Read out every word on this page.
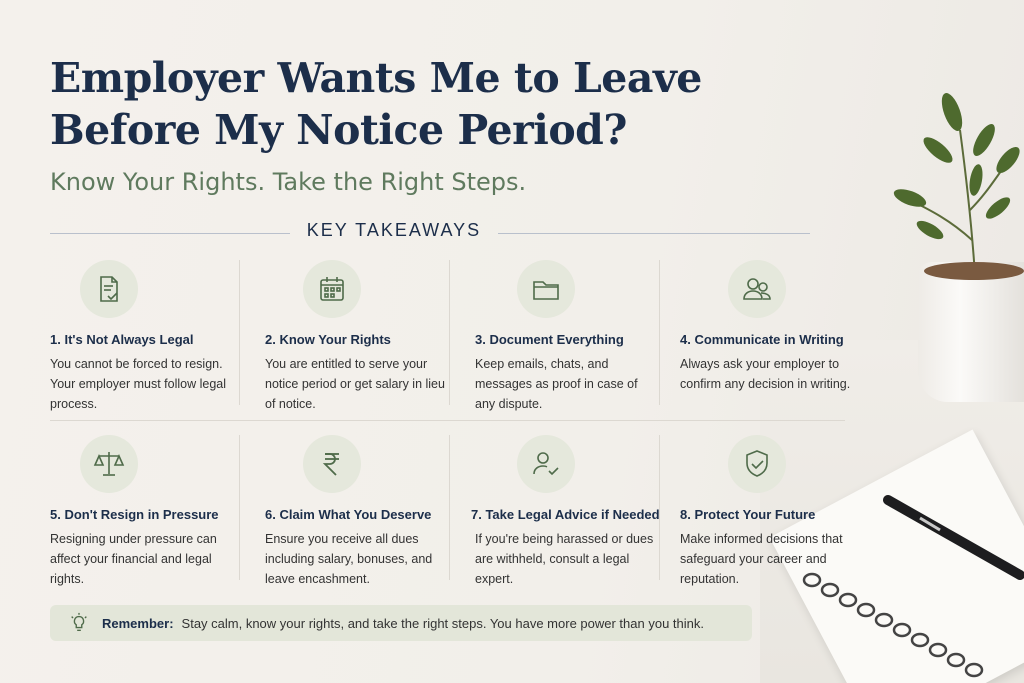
Employer Wants Me to Leave
Before My Notice Period?
Know Your Rights. Take the Right Steps.
KEY TAKEAWAYS
1. It's Not Always Legal
You cannot be forced to resign. Your employer must follow legal process.
2. Know Your Rights
You are entitled to serve your notice period or get salary in lieu of notice.
3. Document Everything
Keep emails, chats, and messages as proof in case of any dispute.
4. Communicate in Writing
Always ask your employer to confirm any decision in writing.
5. Don't Resign in Pressure
Resigning under pressure can affect your financial and legal rights.
6. Claim What You Deserve
Ensure you receive all dues including salary, bonuses, and leave encashment.
7. Take Legal Advice if Needed
If you're being harassed or dues are withheld, consult a legal expert.
8. Protect Your Future
Make informed decisions that safeguard your career and reputation.
Remember: Stay calm, know your rights, and take the right steps. You have more power than you think.
